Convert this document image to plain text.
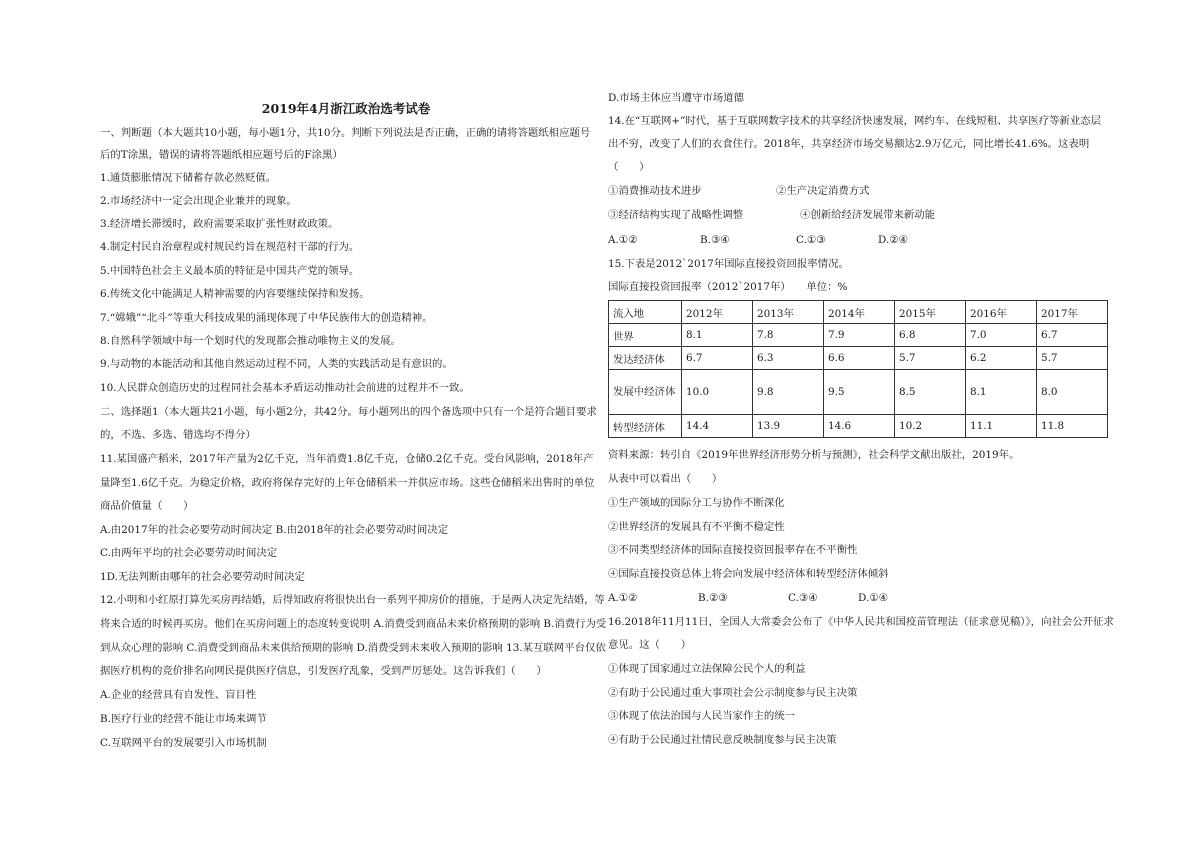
2019年4月浙江政治选考试卷
一、判断题（本大题共10小题，每小题1分，共10分。判断下列说法是否正确，正确的请将答题纸相应题号
后的T涂黑，错误的请将答题纸相应题号后的F涂黑）
1.通货膨胀情况下储蓄存款必然贬值。
2.市场经济中一定会出现企业兼并的现象。
3.经济增长滞缓时，政府需要采取扩张性财政政策。
4.制定村民自治章程或村规民约旨在规范村干部的行为。
5.中国特色社会主义最本质的特征是中国共产党的领导。
6.传统文化中能满足人精神需要的内容要继续保持和发扬。
7.“嫦娥”“北斗”等重大科技成果的涌现体现了中华民族伟大的创造精神。
8.自然科学领域中每一个划时代的发现都会推动唯物主义的发展。
9.与动物的本能活动和其他自然运动过程不同，人类的实践活动是有意识的。
10.人民群众创造历史的过程同社会基本矛盾运动推动社会前进的过程并不一致。
二、选择题1（本大题共21小题，每小题2分，共42分。每小题列出的四个备选项中只有一个是符合题目要求
的，不选、多选、错选均不得分）
11.某国盛产稻米，2017年产量为2亿千克，当年消费1.8亿千克，仓储0.2亿千克。受台风影响，2018年产
量降至1.6亿千克。为稳定价格，政府将保存完好的上年仓储稻米一并供应市场。这些仓储稻米出售时的单位
商品价值量（　　）
A.由2017年的社会必要劳动时间决定 B.由2018年的社会必要劳动时间决定
C.由两年平均的社会必要劳动时间决定
1D.无法判断由哪年的社会必要劳动时间决定
12.小明和小红原打算先买房再结婚，后得知政府将很快出台一系列平抑房价的措施，于是两人决定先结婚，等
将来合适的时候再买房。他们在买房问题上的态度转变说明 A.消费受到商品未来价格预期的影响 B.消费行为受
到从众心理的影响 C.消费受到商品未来供给预期的影响 D.消费受到未来收入预期的影响 13.某互联网平台仅依
据医疗机构的竞价排名向网民提供医疗信息，引发医疗乱象，受到严厉惩处。这告诉我们（　　）
A.企业的经营具有自发性、盲目性
B.医疗行业的经营不能让市场来调节
C.互联网平台的发展要引入市场机制
D.市场主体应当遵守市场道德
14.在“互联网+”时代，基于互联网数字技术的共享经济快速发展，网约车、在线短租、共享医疗等新业态层
出不穷，改变了人们的衣食住行。2018年，共享经济市场交易额达2.9万亿元，同比增长41.6%。这表明
（　　）
①消费推动技术进步	②生产决定消费方式
③经济结构实现了战略性调整	④创新给经济发展带来新动能
A.①②	B.③④	C.①③	D.②④
15.下表是2012`2017年国际直接投资回报率情况。
国际直接投资回报率（2012`2017年）　　单位：%
流入地	2012年	2013年	2014年	2015年	2016年	2017年
世界	8.1	7.8	7.9	6.8	7.0	6.7
发达经济体	6.7	6.3	6.6	5.7	6.2	5.7

发展中经济体	10.0	9.8	9.5	8.5	8.1	8.0
转型经济体	14.4	13.9	14.6	10.2	11.1	11.8
资料来源：转引自《2019年世界经济形势分析与预测》，社会科学文献出版社，2019年。
从表中可以看出（　　）
①生产领域的国际分工与协作不断深化
②世界经济的发展具有不平衡不稳定性
③不同类型经济体的国际直接投资回报率存在不平衡性
④国际直接投资总体上将会向发展中经济体和转型经济体倾斜
A.①②	B.②③	C.③④	D.①④
16.2018年11月11日，全国人大常委会公布了《中华人民共和国疫苗管理法（征求意见稿）》，向社会公开征求
意见。这（　　）
①体现了国家通过立法保障公民个人的利益
②有助于公民通过重大事项社会公示制度参与民主决策
③体现了依法治国与人民当家作主的统一
④有助于公民通过社情民意反映制度参与民主决策
